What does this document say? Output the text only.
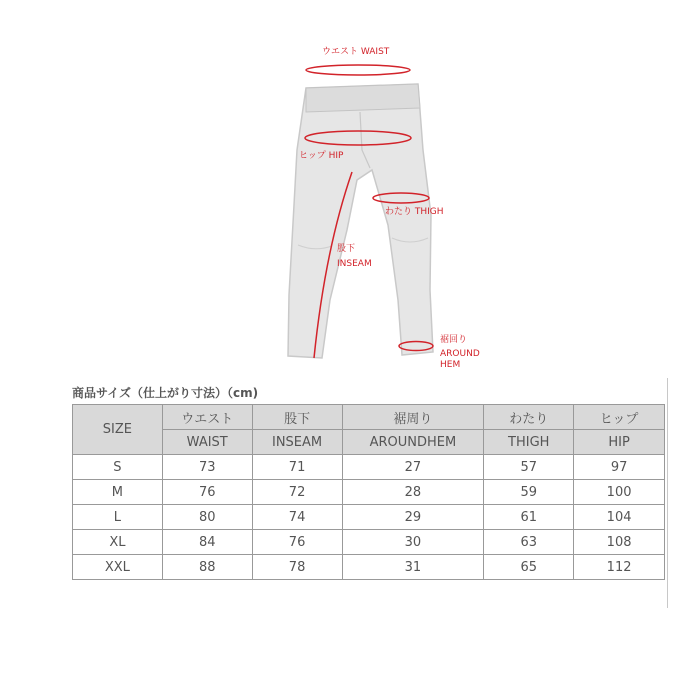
ウエスト WAIST
ヒップ HIP
わたり THIGH
股下
INSEAM
裾回り
AROUND
HEM
商品サイズ（仕上がり寸法）（cm)
SIZE	ウエスト	股下	裾周り	わたり	ヒップ
	WAIST	INSEAM	AROUNDHEM	THIGH	HIP
S	73	71	27	57	97
M	76	72	28	59	100
L	80	74	29	61	104
XL	84	76	30	63	108
XXL	88	78	31	65	112
